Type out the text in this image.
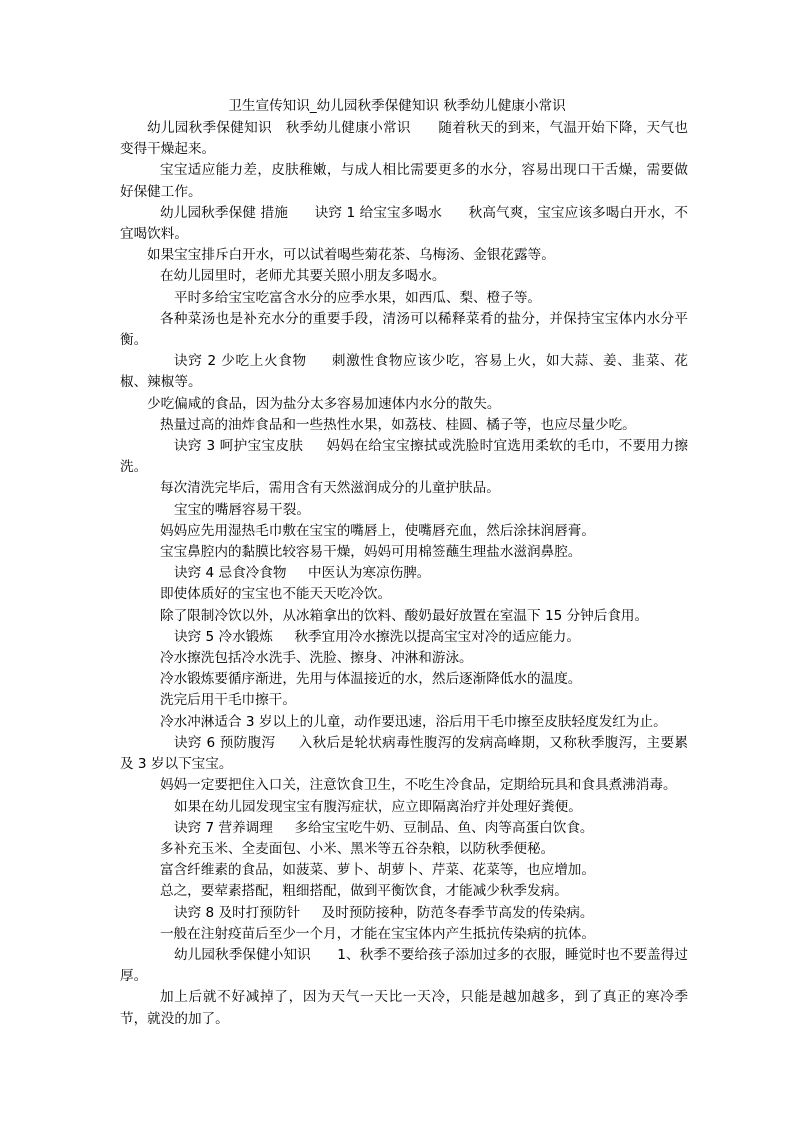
卫生宣传知识_幼儿园秋季保健知识 秋季幼儿健康小常识

幼儿园秋季保健知识   秋季幼儿健康小常识      随着秋天的到来，气温开始下降，天气也变得干燥起来。

宝宝适应能力差，皮肤稚嫩，与成人相比需要更多的水分，容易出现口干舌燥，需要做好保健工作。

幼儿园秋季保健 措施      诀窍 1 给宝宝多喝水      秋高气爽，宝宝应该多喝白开水，不宜喝饮料。

如果宝宝排斥白开水，可以试着喝些菊花茶、乌梅汤、金银花露等。

在幼儿园里时，老师尤其要关照小朋友多喝水。

平时多给宝宝吃富含水分的应季水果，如西瓜、梨、橙子等。

各种菜汤也是补充水分的重要手段，清汤可以稀释菜肴的盐分，并保持宝宝体内水分平衡。

诀窍 2 少吃上火食物     刺激性食物应该少吃，容易上火，如大蒜、姜、韭菜、花椒、辣椒等。

少吃偏咸的食品，因为盐分太多容易加速体内水分的散失。

热量过高的油炸食品和一些热性水果，如荔枝、桂圆、橘子等，也应尽量少吃。

诀窍 3 呵护宝宝皮肤     妈妈在给宝宝擦拭或洗脸时宜选用柔软的毛巾，不要用力擦洗。

每次清洗完毕后，需用含有天然滋润成分的儿童护肤品。

宝宝的嘴唇容易干裂。

妈妈应先用湿热毛巾敷在宝宝的嘴唇上，使嘴唇充血，然后涂抹润唇膏。

宝宝鼻腔内的黏膜比较容易干燥，妈妈可用棉签蘸生理盐水滋润鼻腔。

诀窍 4 忌食冷食物     中医认为寒凉伤脾。

即使体质好的宝宝也不能天天吃冷饮。

除了限制冷饮以外，从冰箱拿出的饮料、酸奶最好放置在室温下 15 分钟后食用。

诀窍 5 冷水锻炼     秋季宜用冷水擦洗以提高宝宝对冷的适应能力。

冷水擦洗包括冷水洗手、洗脸、擦身、冲淋和游泳。

冷水锻炼要循序渐进，先用与体温接近的水，然后逐渐降低水的温度。

洗完后用干毛巾擦干。

冷水冲淋适合 3 岁以上的儿童，动作要迅速，浴后用干毛巾擦至皮肤轻度发红为止。

诀窍 6 预防腹泻     入秋后是轮状病毒性腹泻的发病高峰期，又称秋季腹泻，主要累及 3 岁以下宝宝。

妈妈一定要把住入口关，注意饮食卫生，不吃生冷食品，定期给玩具和食具煮沸消毒。

如果在幼儿园发现宝宝有腹泻症状，应立即隔离治疗并处理好粪便。

诀窍 7 营养调理     多给宝宝吃牛奶、豆制品、鱼、肉等高蛋白饮食。

多补充玉米、全麦面包、小米、黑米等五谷杂粮，以防秋季便秘。

富含纤维素的食品，如菠菜、萝卜、胡萝卜、芹菜、花菜等，也应增加。

总之，要荤素搭配，粗细搭配，做到平衡饮食，才能减少秋季发病。

诀窍 8 及时打预防针     及时预防接种，防范冬春季节高发的传染病。

一般在注射疫苗后至少一个月，才能在宝宝体内产生抵抗传染病的抗体。

幼儿园秋季保健小知识      1、秋季不要给孩子添加过多的衣服，睡觉时也不要盖得过厚。

加上后就不好减掉了，因为天气一天比一天冷，只能是越加越多，到了真正的寒冷季节，就没的加了。
